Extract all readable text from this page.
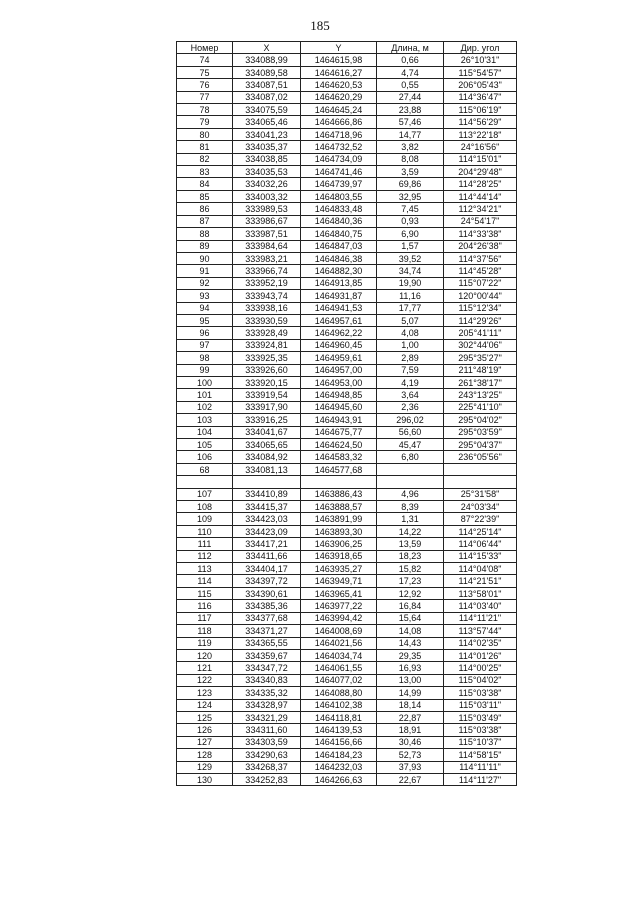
185
Номер	X	Y	Длина, м	Дир. угол
74	334088,99	1464615,98	0,66	26°10'31"
75	334089,58	1464616,27	4,74	115°54'57"
76	334087,51	1464620,53	0,55	206°05'43"
77	334087,02	1464620,29	27,44	114°36'47"
78	334075,59	1464645,24	23,88	115°06'19"
79	334065,46	1464666,86	57,46	114°56'29"
80	334041,23	1464718,96	14,77	113°22'18"
81	334035,37	1464732,52	3,82	24°16'56"
82	334038,85	1464734,09	8,08	114°15'01"
83	334035,53	1464741,46	3,59	204°29'48"
84	334032,26	1464739,97	69,86	114°28'25"
85	334003,32	1464803,55	32,95	114°44'14"
86	333989,53	1464833,48	7,45	112°34'21"
87	333986,67	1464840,36	0,93	24°54'17"
88	333987,51	1464840,75	6,90	114°33'38"
89	333984,64	1464847,03	1,57	204°26'38"
90	333983,21	1464846,38	39,52	114°37'56"
91	333966,74	1464882,30	34,74	114°45'28"
92	333952,19	1464913,85	19,90	115°07'22"
93	333943,74	1464931,87	11,16	120°00'44"
94	333938,16	1464941,53	17,77	115°12'34"
95	333930,59	1464957,61	5,07	114°29'26"
96	333928,49	1464962,22	4,08	205°41'11"
97	333924,81	1464960,45	1,00	302°44'06"
98	333925,35	1464959,61	2,89	295°35'27"
99	333926,60	1464957,00	7,59	211°48'19"
100	333920,15	1464953,00	4,19	261°38'17"
101	333919,54	1464948,85	3,64	243°13'25"
102	333917,90	1464945,60	2,36	225°41'10"
103	333916,25	1464943,91	296,02	295°04'02"
104	334041,67	1464675,77	56,60	295°03'59"
105	334065,65	1464624,50	45,47	295°04'37"
106	334084,92	1464583,32	6,80	236°05'56"
68	334081,13	1464577,68		

107	334410,89	1463886,43	4,96	25°31'58"
108	334415,37	1463888,57	8,39	24°03'34"
109	334423,03	1463891,99	1,31	87°22'39"
110	334423,09	1463893,30	14,22	114°25'14"
111	334417,21	1463906,25	13,59	114°06'44"
112	334411,66	1463918,65	18,23	114°15'33"
113	334404,17	1463935,27	15,82	114°04'08"
114	334397,72	1463949,71	17,23	114°21'51"
115	334390,61	1463965,41	12,92	113°58'01"
116	334385,36	1463977,22	16,84	114°03'40"
117	334377,68	1463994,42	15,64	114°11'21"
118	334371,27	1464008,69	14,08	113°57'44"
119	334365,55	1464021,56	14,43	114°02'35"
120	334359,67	1464034,74	29,35	114°01'26"
121	334347,72	1464061,55	16,93	114°00'25"
122	334340,83	1464077,02	13,00	115°04'02"
123	334335,32	1464088,80	14,99	115°03'38"
124	334328,97	1464102,38	18,14	115°03'11"
125	334321,29	1464118,81	22,87	115°03'49"
126	334311,60	1464139,53	18,91	115°03'38"
127	334303,59	1464156,66	30,46	115°10'37"
128	334290,63	1464184,23	52,73	114°58'15"
129	334268,37	1464232,03	37,93	114°11'11"
130	334252,83	1464266,63	22,67	114°11'27"
